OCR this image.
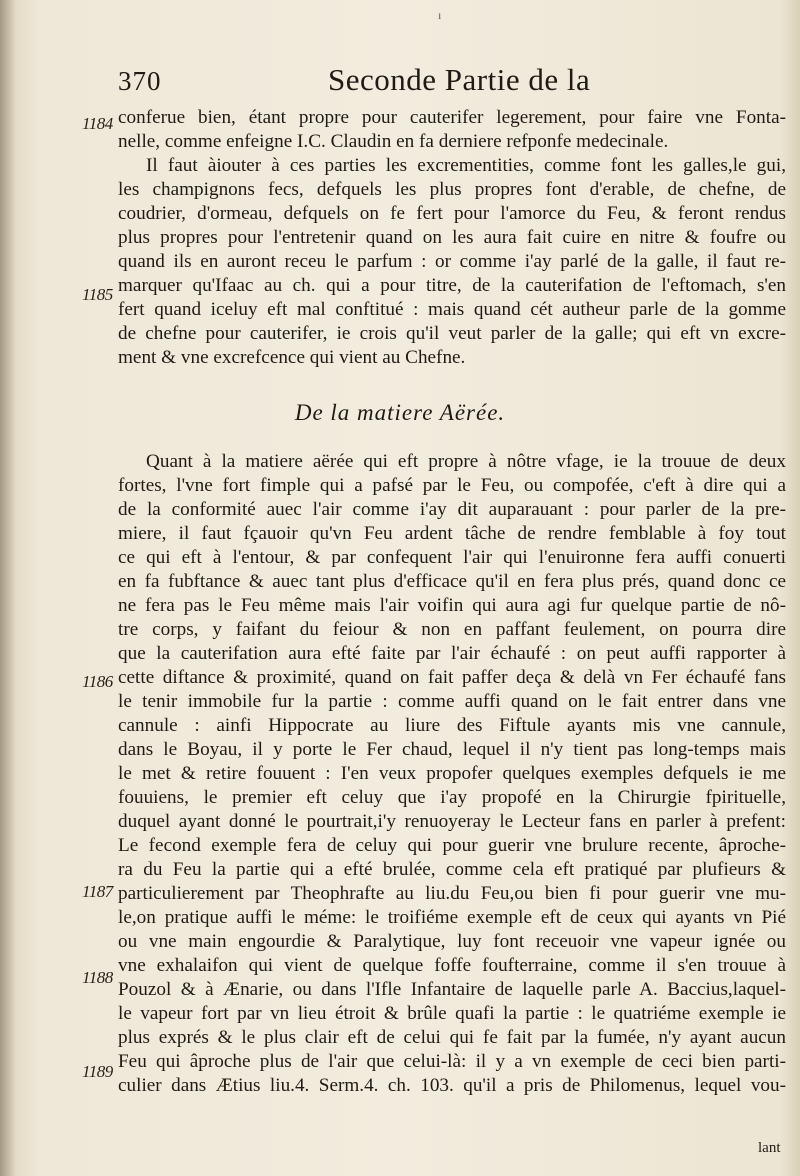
ı
370	Seconde Partie de la
1184
1185
1186
1187
1188
1189
conferue bien, étant propre pour cauterifer legerement, pour faire vne Fonta-
nelle, comme enfeigne I.C. Claudin en fa derniere refponfe medecinale.
Il faut àiouter à ces parties les excrementities, comme font les galles,le gui,
les champignons fecs, defquels les plus propres font d'erable, de chefne, de
coudrier, d'ormeau, defquels on fe fert pour l'amorce du Feu, & feront rendus
plus propres pour l'entretenir quand on les aura fait cuire en nitre & foufre ou
quand ils en auront receu le parfum : or comme i'ay parlé de la galle, il faut re-
marquer qu'Ifaac au ch. qui a pour titre, de la cauterifation de l'eftomach, s'en
fert quand iceluy eft mal conftitué : mais quand cét autheur parle de la gomme
de chefne pour cauterifer, ie crois qu'il veut parler de la galle; qui eft vn excre-
ment & vne excrefcence qui vient au Chefne.
De la matiere Aërée.
Quant à la matiere aërée qui eft propre à nôtre vfage, ie la trouue de deux
fortes, l'vne fort fimple qui a pafsé par le Feu, ou compofée, c'eft à dire qui a
de la conformité auec l'air comme i'ay dit auparauant : pour parler de la pre-
miere, il faut fçauoir qu'vn Feu ardent tâche de rendre femblable à foy tout
ce qui eft à l'entour, & par confequent l'air qui l'enuironne fera auffi conuerti
en fa fubftance & auec tant plus d'efficace qu'il en fera plus prés, quand donc ce
ne fera pas le Feu même mais l'air voifin qui aura agi fur quelque partie de nô-
tre corps, y faifant du feiour & non en paffant feulement, on pourra dire
que la cauterifation aura efté faite par l'air échaufé : on peut auffi rapporter à
cette diftance & proximité, quand on fait paffer deça & delà vn Fer échaufé fans
le tenir immobile fur la partie : comme auffi quand on le fait entrer dans vne
cannule : ainfi Hippocrate au liure des Fiftule ayants mis vne cannule,
dans le Boyau, il y porte le Fer chaud, lequel il n'y tient pas long-temps mais
le met & retire fouuent : I'en veux propofer quelques exemples defquels ie me
fouuiens, le premier eft celuy que i'ay propofé en la Chirurgie fpirituelle,
duquel ayant donné le pourtrait,i'y renuoyeray le Lecteur fans en parler à prefent:
Le fecond exemple fera de celuy qui pour guerir vne brulure recente, âproche-
ra du Feu la partie qui a efté brulée, comme cela eft pratiqué par plufieurs &
particulierement par Theophrafte au liu.du Feu,ou bien fi pour guerir vne mu-
le,on pratique auffi le méme: le troifiéme exemple eft de ceux qui ayants vn Pié
ou vne main engourdie & Paralytique, luy font receuoir vne vapeur ignée ou
vne exhalaifon qui vient de quelque foffe foufterraine, comme il s'en trouue à
Pouzol & à Ænarie, ou dans l'Ifle Infantaire de laquelle parle A. Baccius,laquel-
le vapeur fort par vn lieu étroit & brûle quafi la partie : le quatriéme exemple ie
plus exprés & le plus clair eft de celui qui fe fait par la fumée, n'y ayant aucun
Feu qui âproche plus de l'air que celui-là: il y a vn exemple de ceci bien parti-
culier dans Ætius liu.4. Serm.4. ch. 103. qu'il a pris de Philomenus, lequel vou-
lant
